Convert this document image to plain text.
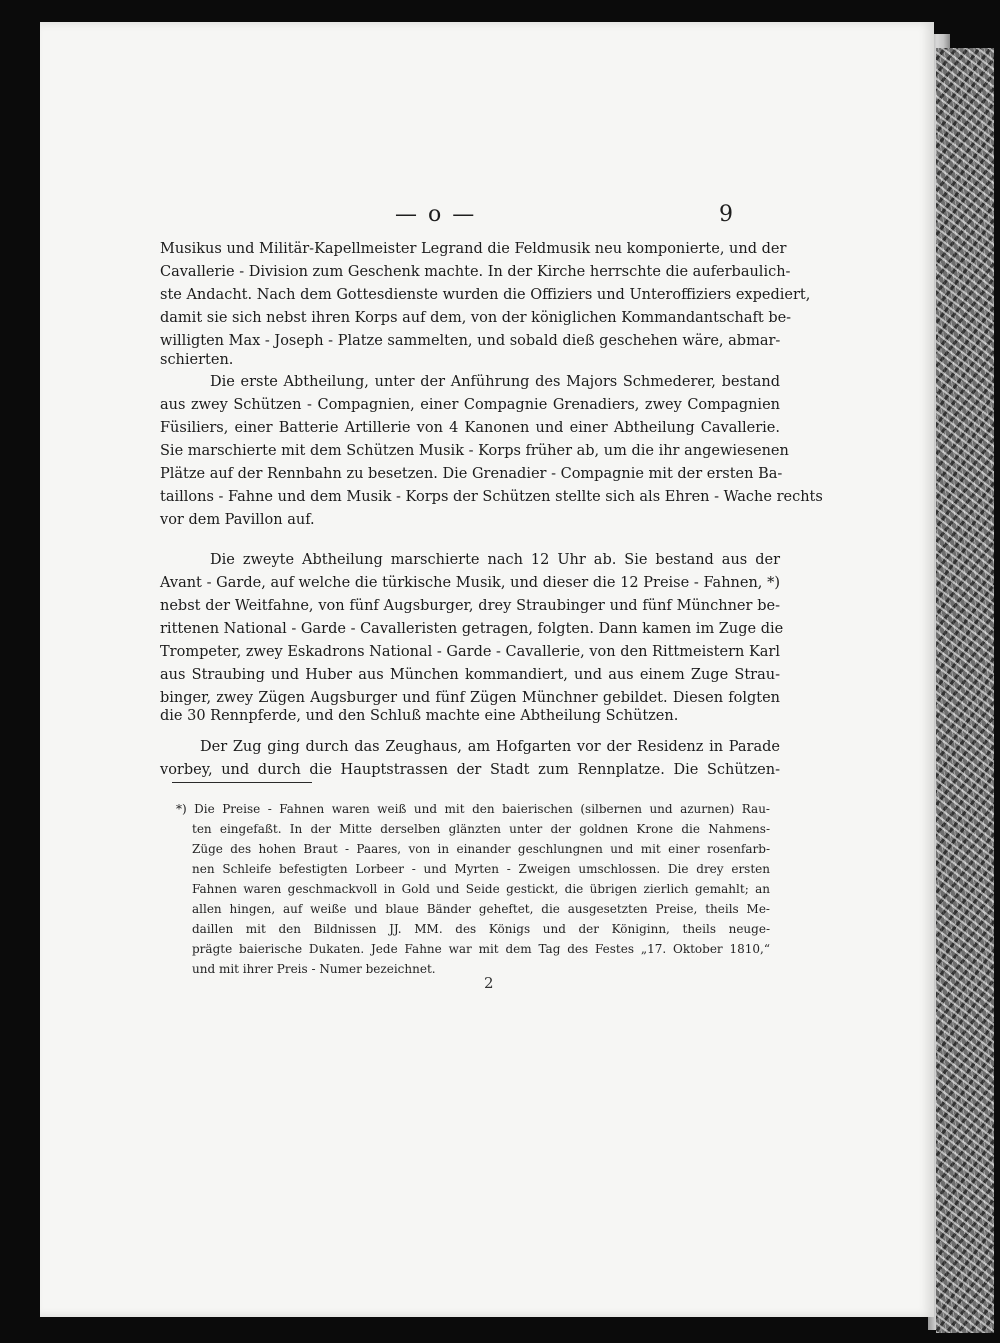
— o —	9
Musikus und Militär-Kapellmeister Legrand die Feldmusik neu komponierte, und der
Cavallerie - Division zum Geschenk machte. In der Kirche herrschte die auferbaulich-
ste Andacht. Nach dem Gottesdienste wurden die Offiziers und Unteroffiziers expediert,
damit sie sich nebst ihren Korps auf dem, von der königlichen Kommandantschaft be-
willigten Max - Joseph - Platze sammelten, und sobald dieß geschehen wäre, abmar-
schierten.
Die erste Abtheilung, unter der Anführung des Majors Schmederer, bestand
aus zwey Schützen - Compagnien, einer Compagnie Grenadiers, zwey Compagnien
Füsiliers, einer Batterie Artillerie von 4 Kanonen und einer Abtheilung Cavallerie.
Sie marschierte mit dem Schützen Musik - Korps früher ab, um die ihr angewiesenen
Plätze auf der Rennbahn zu besetzen. Die Grenadier - Compagnie mit der ersten Ba-
taillons - Fahne und dem Musik - Korps der Schützen stellte sich als Ehren - Wache rechts
vor dem Pavillon auf.
Die zweyte Abtheilung marschierte nach 12 Uhr ab. Sie bestand aus der
Avant - Garde, auf welche die türkische Musik, und dieser die 12 Preise - Fahnen, *)
nebst der Weitfahne, von fünf Augsburger, drey Straubinger und fünf Münchner be-
rittenen National - Garde - Cavalleristen getragen, folgten. Dann kamen im Zuge die
Trompeter, zwey Eskadrons National - Garde - Cavallerie, von den Rittmeistern Karl
aus Straubing und Huber aus München kommandiert, und aus einem Zuge Strau-
binger, zwey Zügen Augsburger und fünf Zügen Münchner gebildet. Diesen folgten
die 30 Rennpferde, und den Schluß machte eine Abtheilung Schützen.
*) Die Preise - Fahnen waren weiß und mit den baierischen (silbernen und azurnen) Rau-
ten eingefaßt. In der Mitte derselben glänzten unter der goldnen Krone die Nahmens-
Züge des hohen Braut - Paares, von in einander geschlungnen und mit einer rosenfarb-
nen Schleife befestigten Lorbeer - und Myrten - Zweigen umschlossen. Die drey ersten
Fahnen waren geschmackvoll in Gold und Seide gestickt, die übrigen zierlich gemahlt; an
allen hingen, auf weiße und blaue Bänder geheftet, die ausgesetzten Preise, theils Me-
daillen mit den Bildnissen JJ. MM. des Königs und der Königinn, theils neuge-
prägte baierische Dukaten. Jede Fahne war mit dem Tag des Festes „17. Oktober 1810,“
und mit ihrer Preis - Numer bezeichnet.
2
Der Zug ging durch das Zeughaus, am Hofgarten vor der Residenz in Parade
vorbey, und durch die Hauptstrassen der Stadt zum Rennplatze. Die Schützen-
